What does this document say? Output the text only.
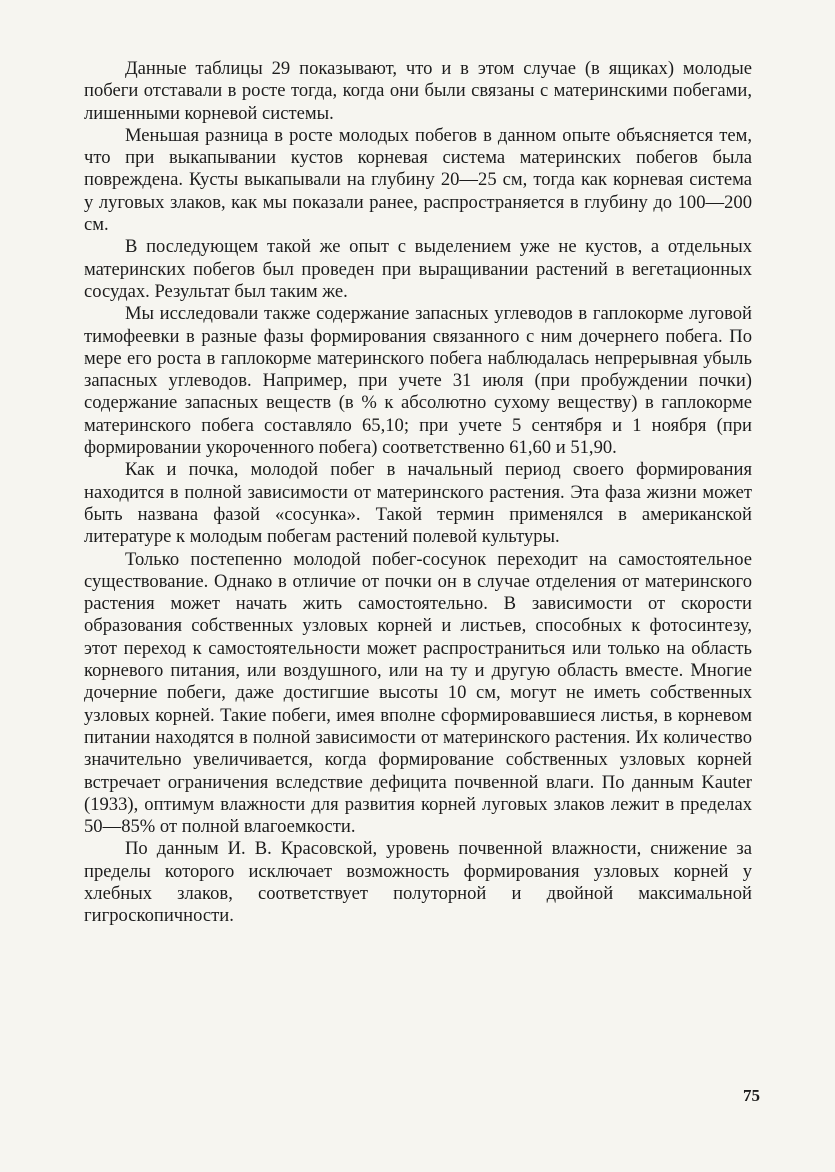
Данные таблицы 29 показывают, что и в этом случае (в ящиках) молодые побеги отставали в росте тогда, когда они были связаны с материнскими побегами, лишенными корневой системы.

Меньшая разница в росте молодых побегов в данном опыте объясняется тем, что при выкапывании кустов корневая система материнских побегов была повреждена. Кусты выкапывали на глубину 20—25 см, тогда как корневая система у луговых злаков, как мы показали ранее, распространяется в глубину до 100—200 см.

В последующем такой же опыт с выделением уже не кустов, а отдельных материнских побегов был проведен при выращивании растений в вегетационных сосудах. Результат был таким же.

Мы исследовали также содержание запасных углеводов в гаплокорме луговой тимофеевки в разные фазы формирования связанного с ним дочернего побега. По мере его роста в гаплокорме материнского побега наблюдалась непрерывная убыль запасных углеводов. Например, при учете 31 июля (при пробуждении почки) содержание запасных веществ (в % к абсолютно сухому веществу) в гаплокорме материнского побега составляло 65,10; при учете 5 сентября и 1 ноября (при формировании укороченного побега) соответственно 61,60 и 51,90.

Как и почка, молодой побег в начальный период своего формирования находится в полной зависимости от материнского растения. Эта фаза жизни может быть названа фазой «сосунка». Такой термин применялся в американской литературе к молодым побегам растений полевой культуры.

Только постепенно молодой побег-сосунок переходит на самостоятельное существование. Однако в отличие от почки он в случае отделения от материнского растения может начать жить самостоятельно. В зависимости от скорости образования собственных узловых корней и листьев, способных к фотосинтезу, этот переход к самостоятельности может распространиться или только на область корневого питания, или воздушного, или на ту и другую область вместе. Многие дочерние побеги, даже достигшие высоты 10 см, могут не иметь собственных узловых корней. Такие побеги, имея вполне сформировавшиеся листья, в корневом питании находятся в полной зависимости от материнского растения. Их количество значительно увеличивается, когда формирование собственных узловых корней встречает ограничения вследствие дефицита почвенной влаги. По данным Kauter (1933), оптимум влажности для развития корней луговых злаков лежит в пределах 50—85% от полной влагоемкости.

По данным И. В. Красовской, уровень почвенной влажности, снижение за пределы которого исключает возможность формирования узловых корней у хлебных злаков, соответствует полуторной и двойной максимальной гигроскопичности.

75
